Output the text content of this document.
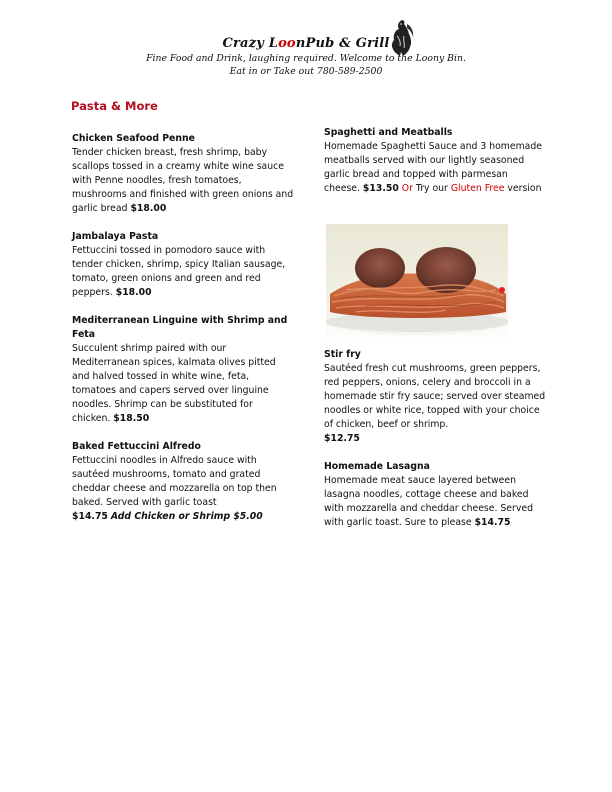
Crazy LoonPub & Grill
Fine Food and Drink, laughing required. Welcome to the Loony Bin.
Eat in or Take out 780-589-2500
Pasta & More
Chicken Seafood Penne
Tender chicken breast, fresh shrimp, baby scallops tossed in a creamy white wine sauce with Penne noodles, fresh tomatoes, mushrooms and finished with green onions and garlic bread $18.00
Jambalaya Pasta
Fettuccini tossed in pomodoro sauce with tender chicken, shrimp, spicy Italian sausage, tomato, green onions and green and red peppers. $18.00
Mediterranean Linguine with Shrimp and Feta
Succulent shrimp paired with our Mediterranean spices, kalmata olives pitted and halved tossed in white wine, feta, tomatoes and capers served over linguine noodles. Shrimp can be substituted for chicken. $18.50
Baked Fettuccini Alfredo
Fettuccini noodles in Alfredo sauce with sautéed mushrooms, tomato and grated cheddar cheese and mozzarella on top then baked. Served with garlic toast
$14.75 Add Chicken or Shrimp $5.00
Spaghetti and Meatballs
Homemade Spaghetti Sauce and 3 homemade meatballs served with our lightly seasoned garlic bread and topped with parmesan cheese. $13.50 Or Try our Gluten Free version
Stir fry
Sautéed fresh cut mushrooms, green peppers, red peppers, onions, celery and broccoli in a homemade stir fry sauce; served over steamed noodles or white rice, topped with your choice of chicken, beef or shrimp.
$12.75
Homemade Lasagna
Homemade meat sauce layered between lasagna noodles, cottage cheese and baked with mozzarella and cheddar cheese. Served with garlic toast. Sure to please $14.75
